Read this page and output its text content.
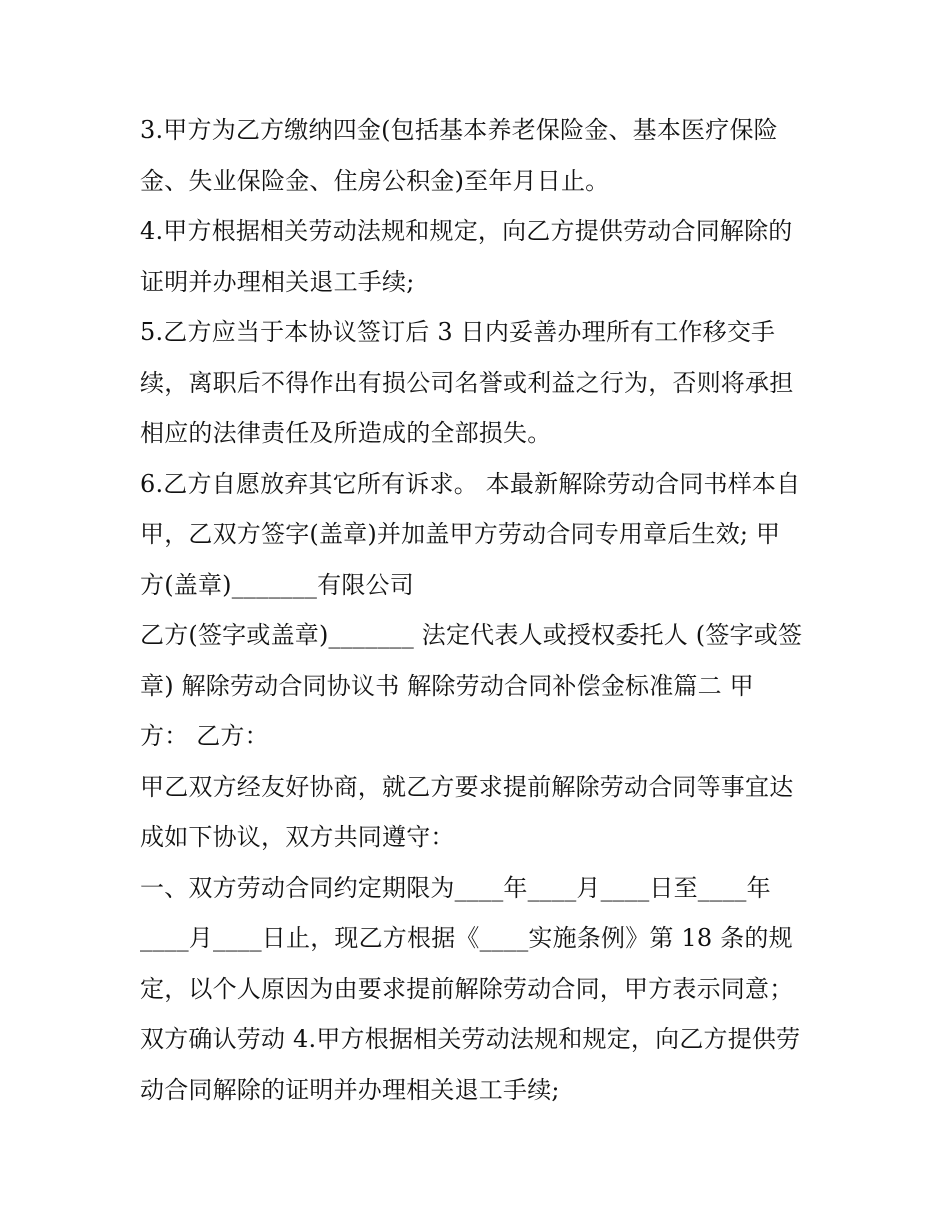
3.甲方为乙方缴纳四金(包括基本养老保险金、基本医疗保险
金、失业保险金、住房公积金)至年月日止。
4.甲方根据相关劳动法规和规定，向乙方提供劳动合同解除的
证明并办理相关退工手续;
5.乙方应当于本协议签订后 3 日内妥善办理所有工作移交手
续，离职后不得作出有损公司名誉或利益之行为，否则将承担
相应的法律责任及所造成的全部损失。
6.乙方自愿放弃其它所有诉求。 本最新解除劳动合同书样本自
甲，乙双方签字(盖章)并加盖甲方劳动合同专用章后生效; 甲
方(盖章)_______有限公司
乙方(签字或盖章)_______ 法定代表人或授权委托人 (签字或签
章) 解除劳动合同协议书 解除劳动合同补偿金标准篇二 甲
方： 乙方：
甲乙双方经友好协商，就乙方要求提前解除劳动合同等事宜达
成如下协议，双方共同遵守：
一、双方劳动合同约定期限为____年____月____日至____年
____月____日止，现乙方根据《____实施条例》第 18 条的规
定，以个人原因为由要求提前解除劳动合同，甲方表示同意；
双方确认劳动 4.甲方根据相关劳动法规和规定，向乙方提供劳
动合同解除的证明并办理相关退工手续;
